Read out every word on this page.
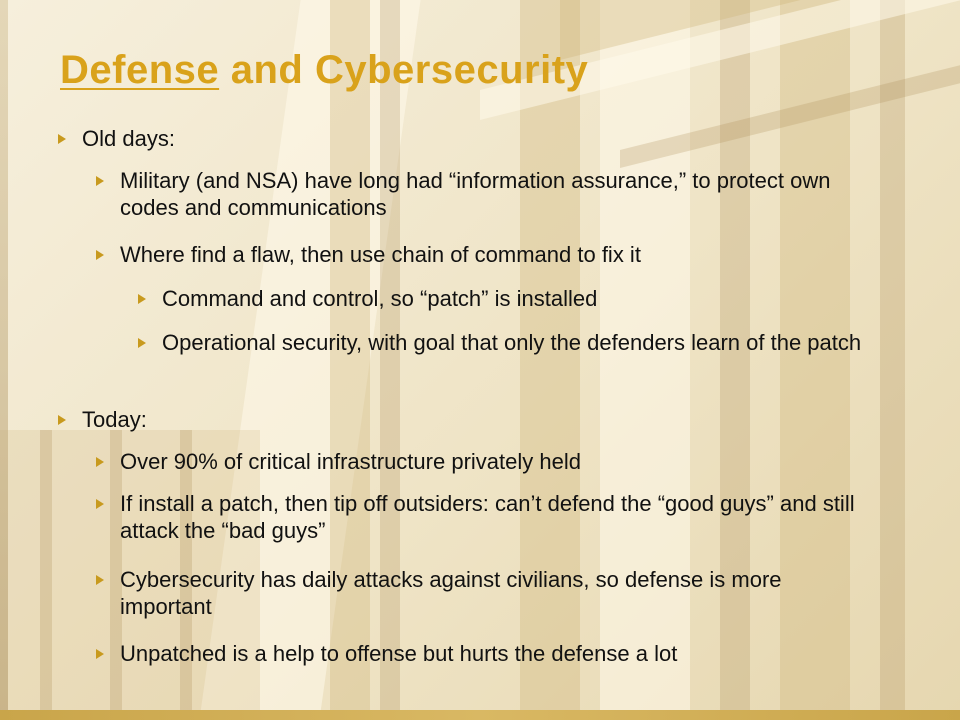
Defense and Cybersecurity
Old days:
Military (and NSA) have long had “information assurance,” to protect own codes and communications
Where find a flaw, then use chain of command to fix it
Command and control, so “patch” is installed
Operational security, with goal that only the defenders learn of the patch
Today:
Over 90% of critical infrastructure privately held
If install a patch, then tip off outsiders: can’t defend the “good guys” and still attack the “bad guys”
Cybersecurity has daily attacks against civilians, so defense is more important
Unpatched is a help to offense but hurts the defense a lot
